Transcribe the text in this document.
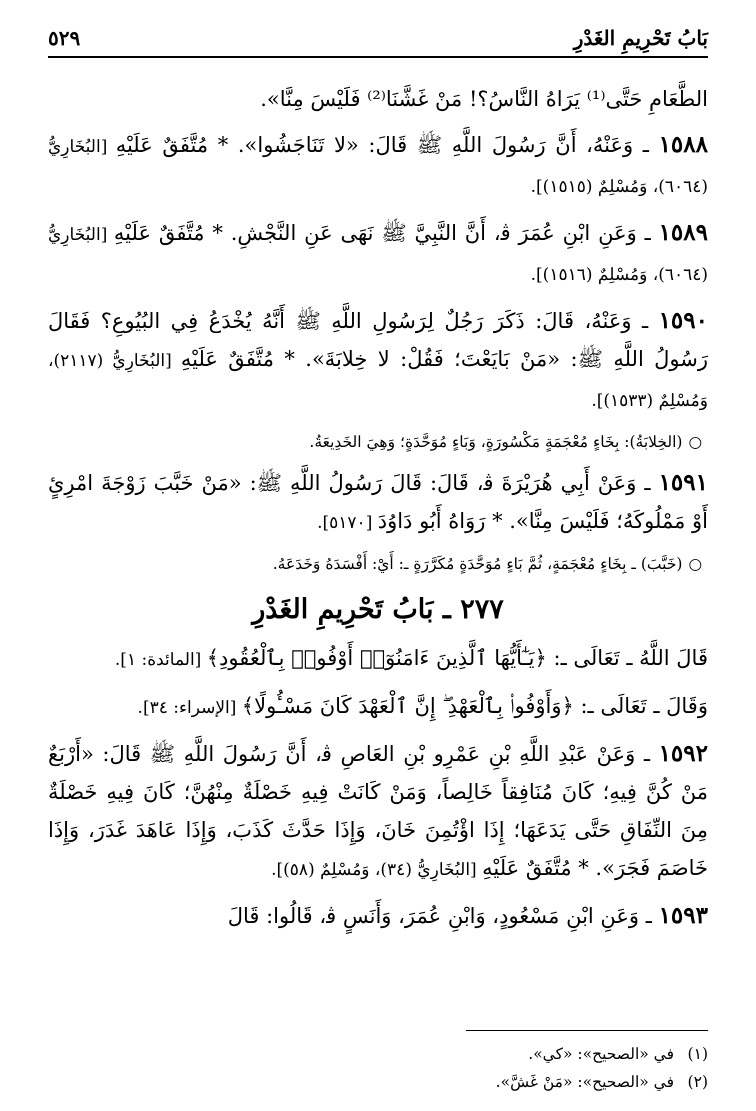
بَابُ تَحْرِيمِ الغَدْرِ
٥٢٩

الطَّعَامِ حَتَّى⁽¹⁾ يَرَاهُ النَّاسُ؟! مَنْ غَشَّنَا⁽²⁾ فَلَيْسَ مِنَّا».

١٥٨٨ ـ وَعَنْهُ، أَنَّ رَسُولَ اللَّهِ ﷺ قَالَ: «لا تَنَاجَشُوا». * مُتَّفَقٌ عَلَيْهِ [البُخَارِيُّ (٦٠٦٤)، وَمُسْلِمٌ (١٥١٥)].

١٥٨٩ ـ وَعَنِ ابْنِ عُمَرَ ﭬ، أَنَّ النَّبِيَّ ﷺ نَهَى عَنِ النَّجْشِ. * مُتَّفَقٌ عَلَيْهِ [البُخَارِيُّ (٦٠٦٤)، وَمُسْلِمٌ (١٥١٦)].

١٥٩٠ ـ وَعَنْهُ، قَالَ: ذَكَرَ رَجُلٌ لِرَسُولِ اللَّهِ ﷺ أَنَّهُ يُخْدَعُ فِي البُيُوعِ؟ فَقَالَ رَسُولُ اللَّهِ ﷺ: «مَنْ بَايَعْتَ؛ فَقُلْ: لا خِلابَةَ». * مُتَّفَقٌ عَلَيْهِ [البُخَارِيُّ (٢١١٧)، وَمُسْلِمٌ (١٥٣٣)].

○(الخِلابَةُ): بِخَاءٍ مُعْجَمَةٍ مَكْسُورَةٍ، وَبَاءٍ مُوَحَّدَةٍ؛ وَهِيَ الخَدِيعَةُ.

١٥٩١ ـ وَعَنْ أَبِي هُرَيْرَةَ ﭬ، قَالَ: قَالَ رَسُولُ اللَّهِ ﷺ: «مَنْ خَبَّبَ زَوْجَةَ امْرِئٍ أَوْ مَمْلُوكَهُ؛ فَلَيْسَ مِنَّا». * رَوَاهُ أَبُو دَاوُدَ [٥١٧٠].

○(خَبَّبَ) ـ بِخَاءٍ مُعْجَمَةٍ، ثُمَّ بَاءٍ مُوَحَّدَةٍ مُكَرَّرَةٍ ـ: أَيْ: أَفْسَدَهُ وَخَدَعَهُ.

٢٧٧ ـ بَابُ تَحْرِيمِ الغَدْرِ

قَالَ اللَّهُ ـ تَعَالَى ـ: ﴿يَـٰٓأَيُّهَا ٱلَّذِينَ ءَامَنُوٓا۟ أَوْفُوا۟ بِٱلْعُقُودِ﴾ [المائدة: ١].

وَقَالَ ـ تَعَالَى ـ: ﴿وَأَوْفُوا۟ بِٱلْعَهْدِ ۖ إِنَّ ٱلْعَهْدَ كَانَ مَسْـُٔولًا﴾ [الإسراء: ٣٤].

١٥٩٢ ـ وَعَنْ عَبْدِ اللَّهِ بْنِ عَمْرِو بْنِ العَاصِ ﭬ، أَنَّ رَسُولَ اللَّهِ ﷺ قَالَ: «أَرْبَعٌ مَنْ كُنَّ فِيهِ؛ كَانَ مُنَافِقاً خَالِصاً، وَمَنْ كَانَتْ فِيهِ خَصْلَةٌ مِنْهُنَّ؛ كَانَ فِيهِ خَصْلَةٌ مِنَ النِّفَاقِ حَتَّى يَدَعَهَا؛ إِذَا اؤْتُمِنَ خَانَ، وَإِذَا حَدَّثَ كَذَبَ، وَإِذَا عَاهَدَ غَدَرَ، وَإِذَا خَاصَمَ فَجَرَ». * مُتَّفَقٌ عَلَيْهِ [البُخَارِيُّ (٣٤)، وَمُسْلِمٌ (٥٨)].

١٥٩٣ ـ وَعَنِ ابْنِ مَسْعُودٍ، وَابْنِ عُمَرَ، وَأَنَسٍ ﭬ، قَالُوا: قَالَ

(١)في «الصحيح»: «كي».
(٢)في «الصحيح»: «مَنْ غَشَّ».
